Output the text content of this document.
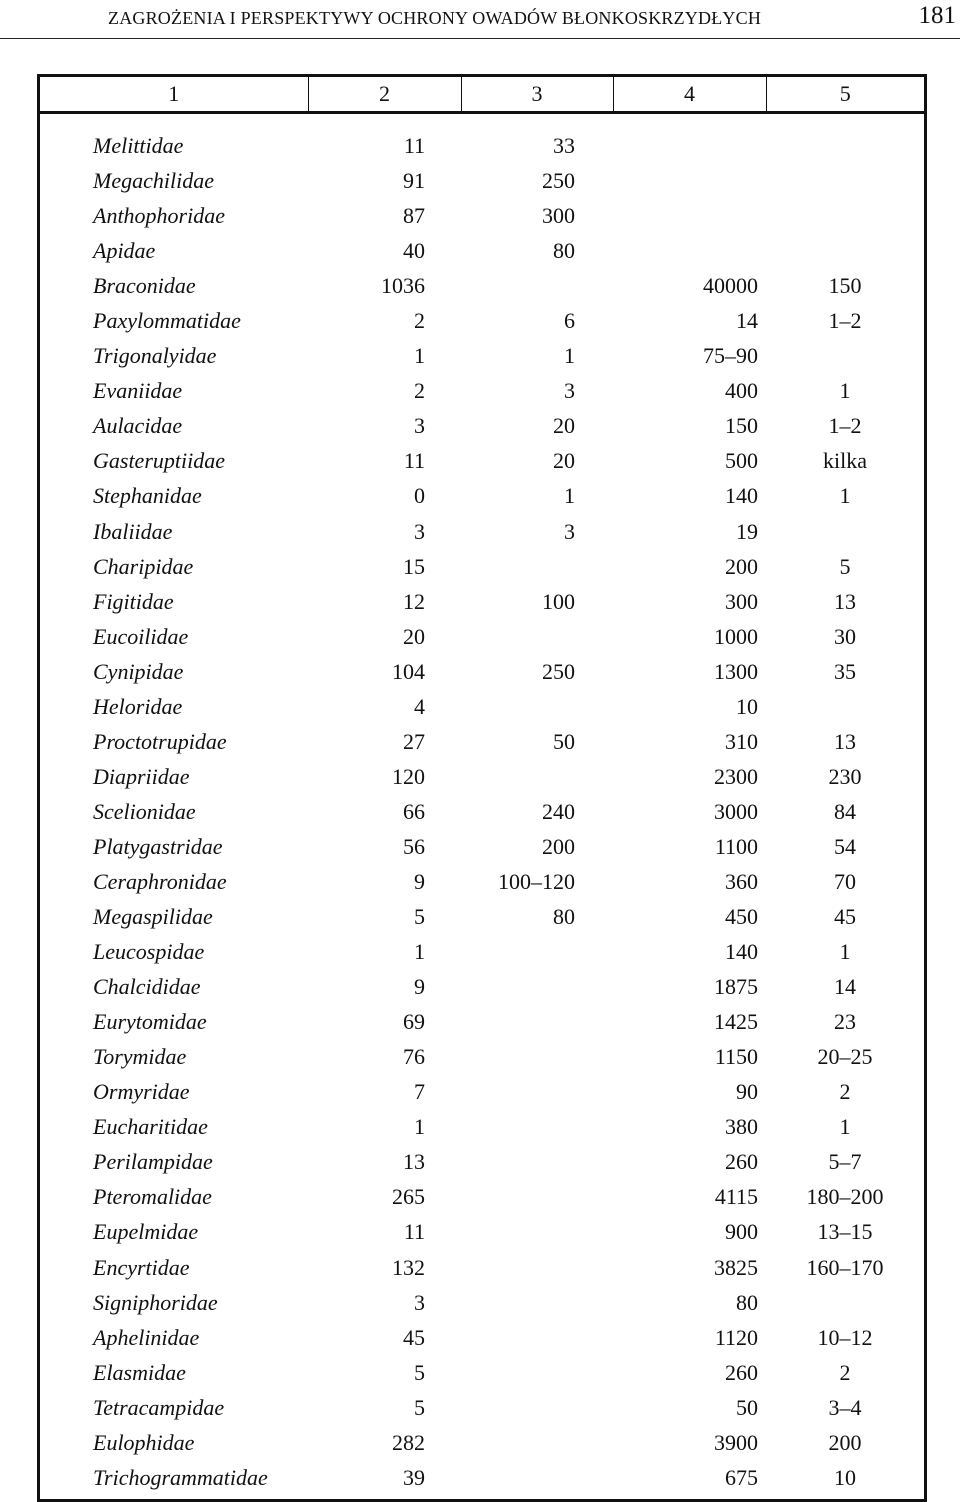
ZAGROŻENIA I PERSPEKTYWY OCHRONY OWADÓW BŁONKOSKRZYDŁYCH	181
1	2	3	4	5

Melittidae	11	33		
Megachilidae	91	250		
Anthophoridae	87	300		
Apidae	40	80		
Braconidae	1036		40000	150
Paxylommatidae	2	6	14	1–2
Trigonalyidae	1	1	75–90	
Evaniidae	2	3	400	1
Aulacidae	3	20	150	1–2
Gasteruptiidae	11	20	500	kilka
Stephanidae	0	1	140	1
Ibaliidae	3	3	19	
Charipidae	15		200	5
Figitidae	12	100	300	13
Eucoilidae	20		1000	30
Cynipidae	104	250	1300	35
Heloridae	4		10	
Proctotrupidae	27	50	310	13
Diapriidae	120		2300	230
Scelionidae	66	240	3000	84
Platygastridae	56	200	1100	54
Ceraphronidae	9	100–120	360	70
Megaspilidae	5	80	450	45
Leucospidae	1		140	1
Chalcididae	9		1875	14
Eurytomidae	69		1425	23
Torymidae	76		1150	20–25
Ormyridae	7		90	2
Eucharitidae	1		380	1
Perilampidae	13		260	5–7
Pteromalidae	265		4115	180–200
Eupelmidae	11		900	13–15
Encyrtidae	132		3825	160–170
Signiphoridae	3		80	
Aphelinidae	45		1120	10–12
Elasmidae	5		260	2
Tetracampidae	5		50	3–4
Eulophidae	282		3900	200
Trichogrammatidae	39		675	10
